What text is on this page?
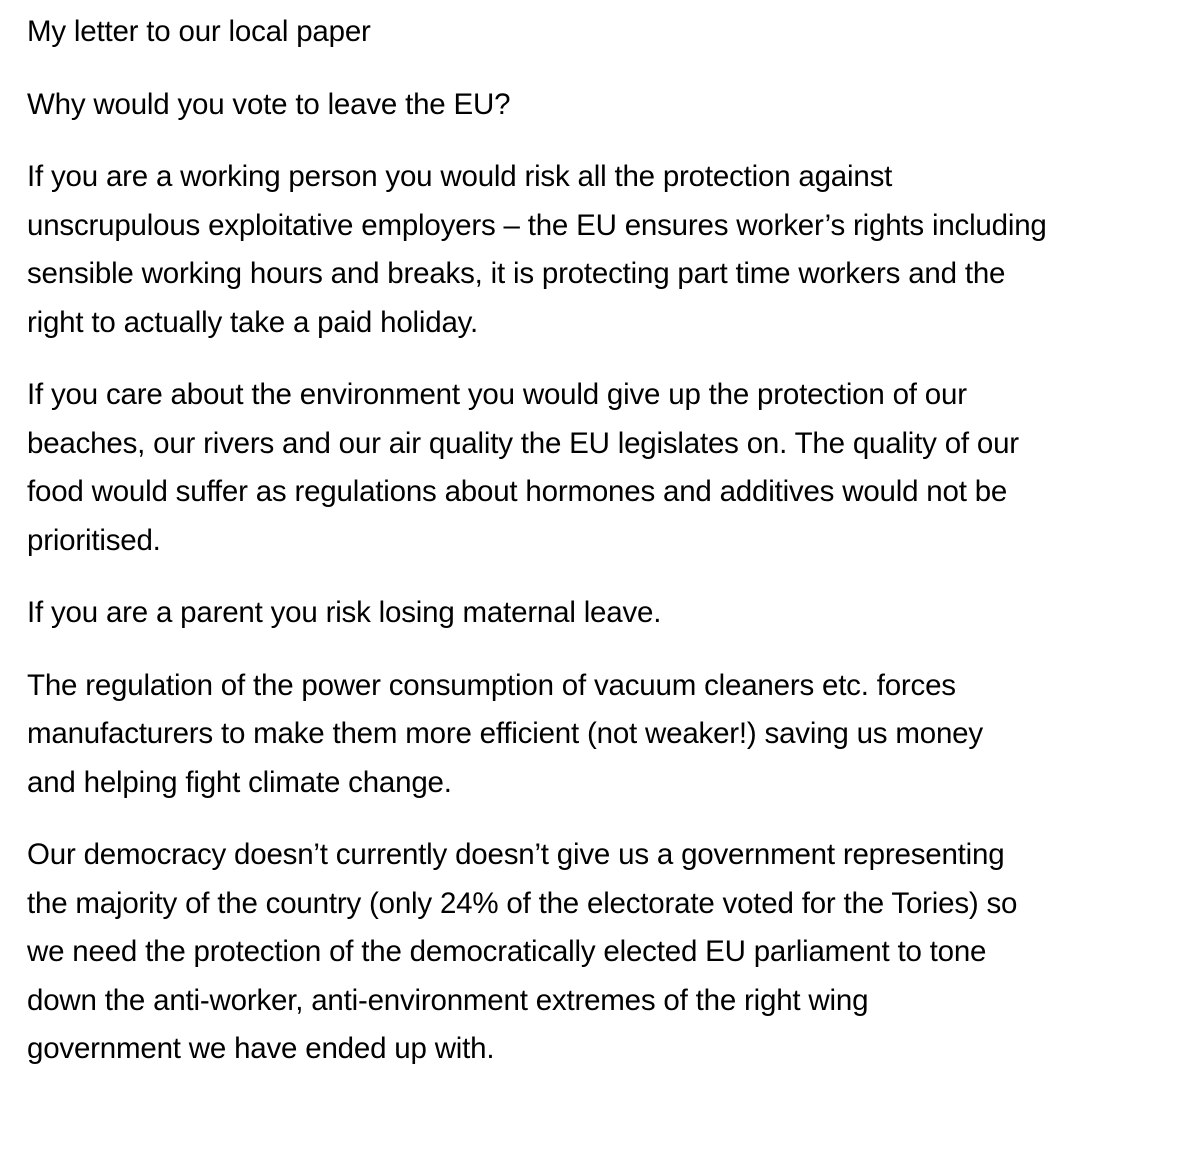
My letter to our local paper

Why would you vote to leave the EU?

If you are a working person you would risk all the protection against
unscrupulous exploitative employers – the EU ensures worker’s rights including
sensible working hours and breaks, it is protecting part time workers and the
right to actually take a paid holiday.

If you care about the environment you would give up the protection of our
beaches, our rivers and our air quality the EU legislates on. The quality of our
food would suffer as regulations about hormones and additives would not be
prioritised.

If you are a parent you risk losing maternal leave.

The regulation of the power consumption of vacuum cleaners etc. forces
manufacturers to make them more efficient (not weaker!) saving us money
and helping fight climate change.

Our democracy doesn’t currently doesn’t give us a government representing
the majority of the country (only 24% of the electorate voted for the Tories) so
we need the protection of the democratically elected EU parliament to tone
down the anti-worker, anti-environment extremes of the right wing
government we have ended up with.
